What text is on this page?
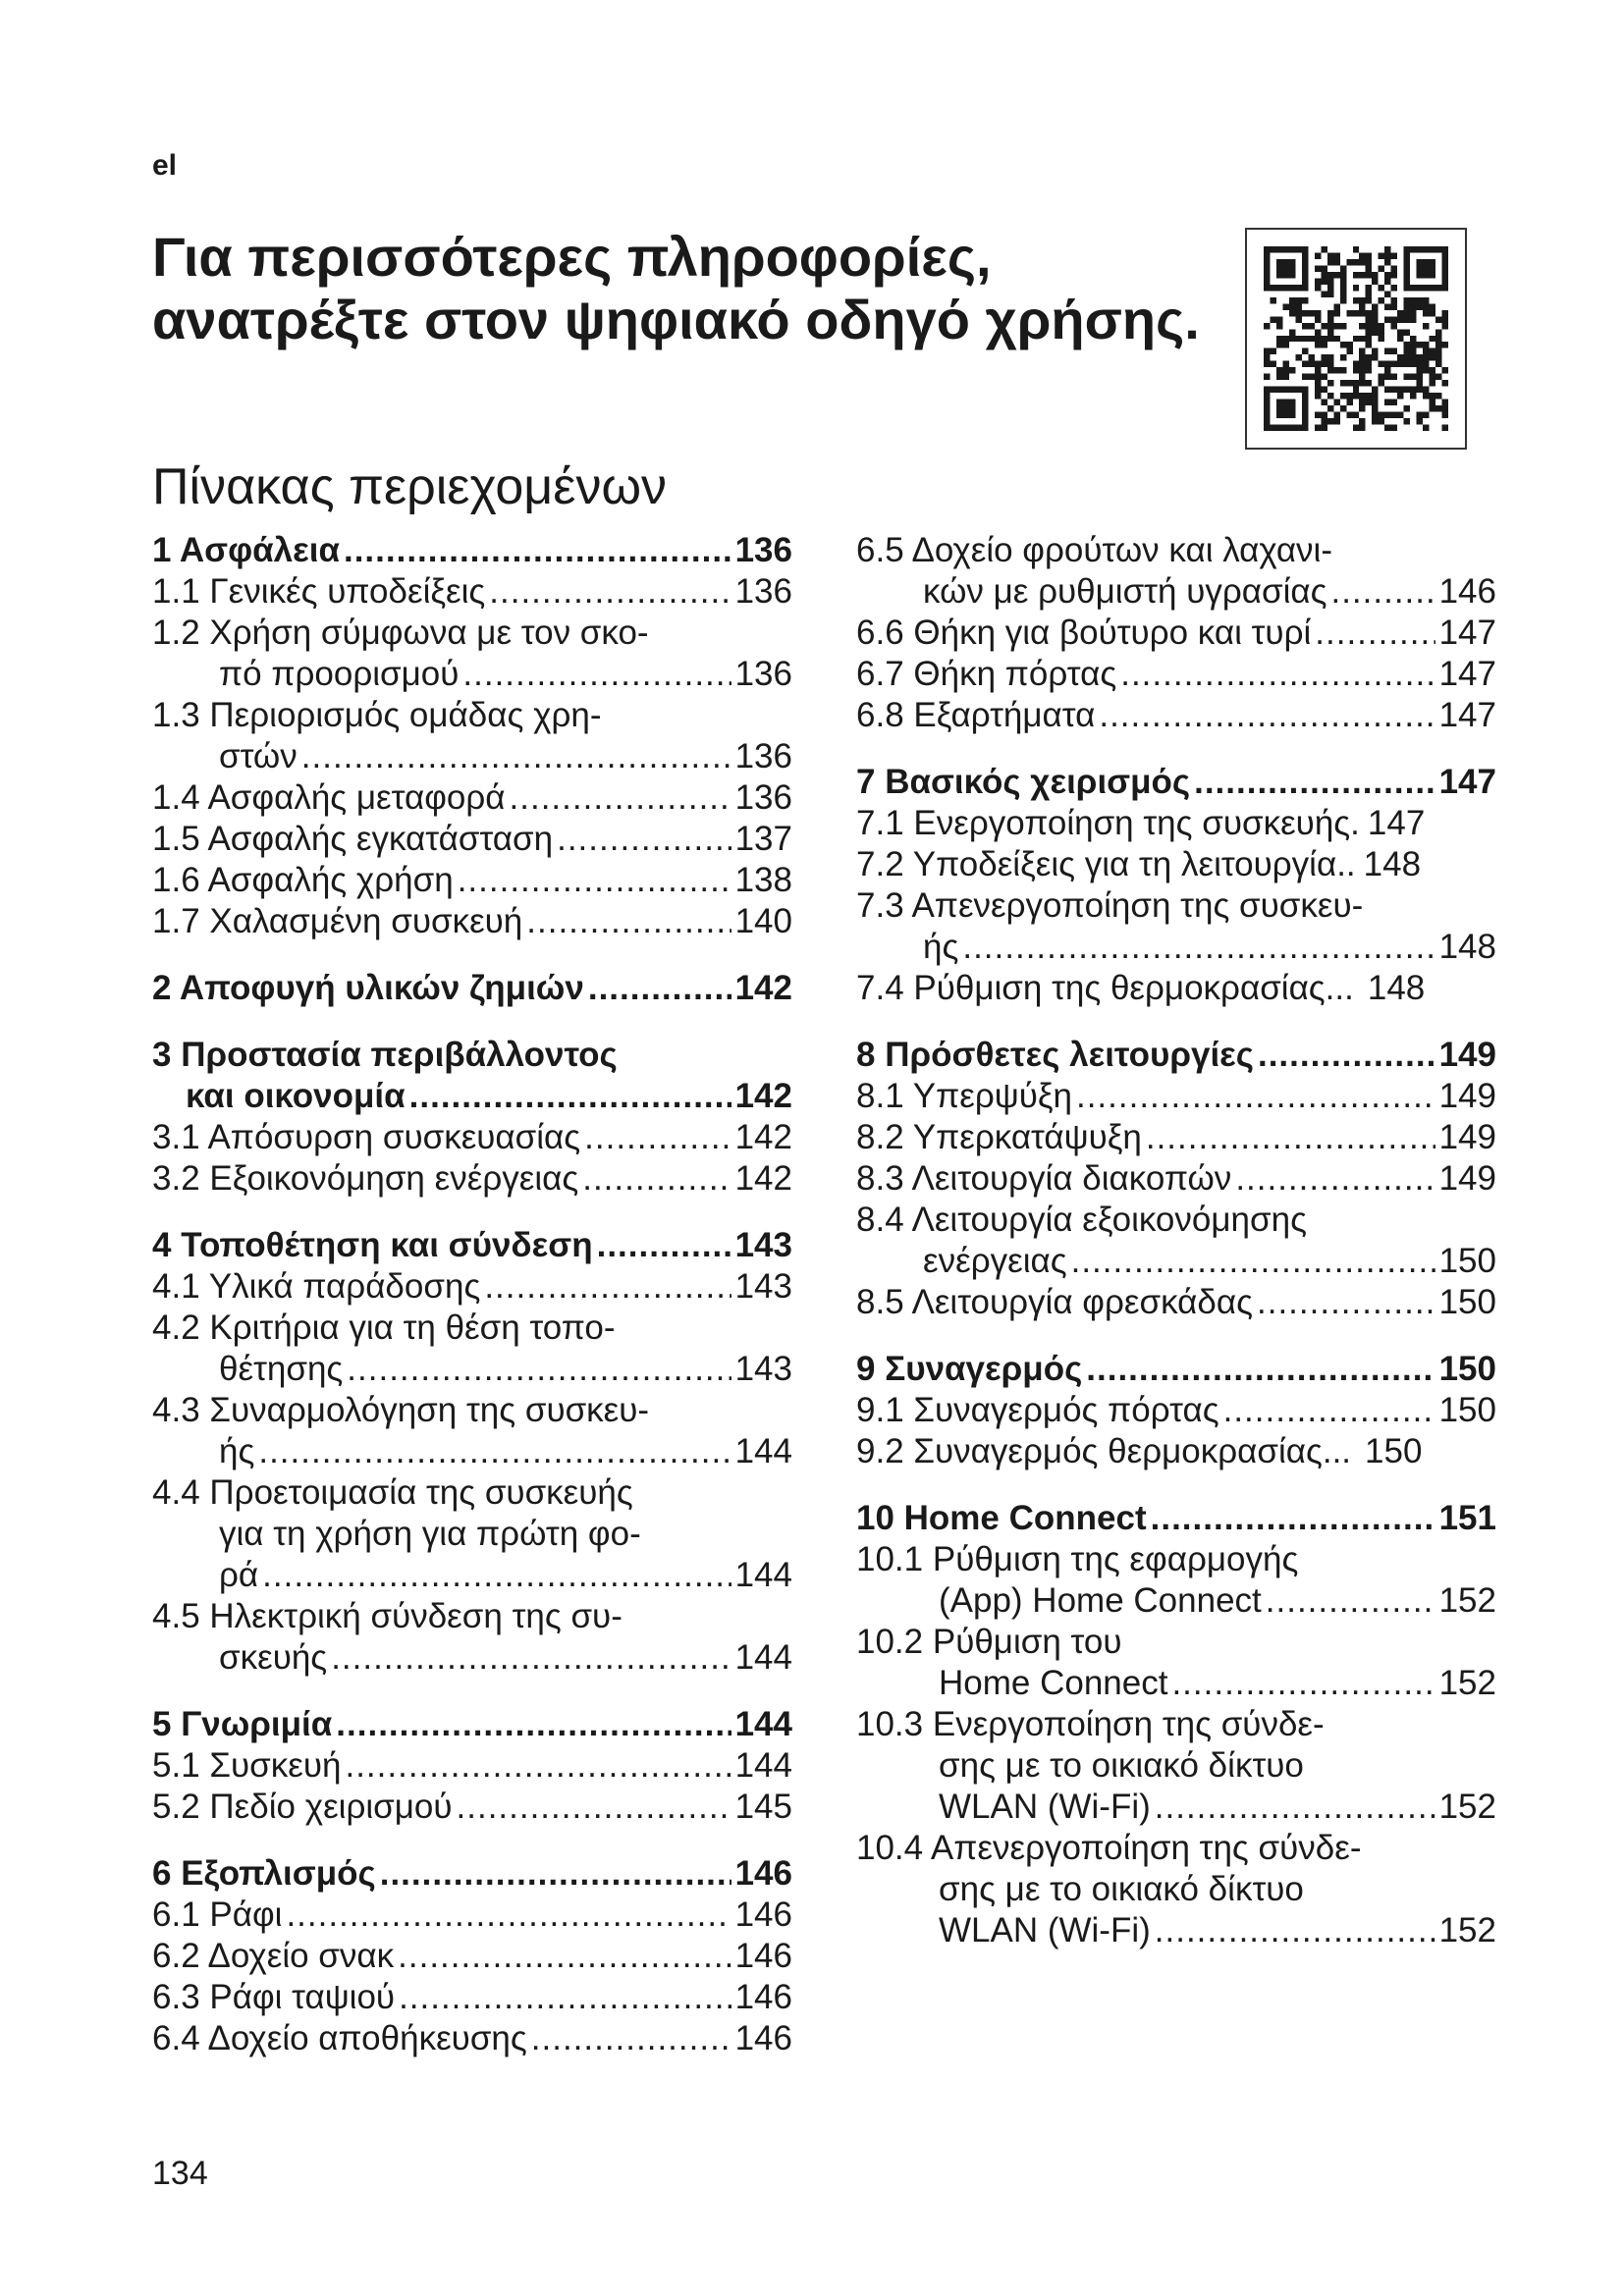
el
Για περισσότερες πληροφορίες, ανατρέξτε στον ψηφιακό οδηγό χρήσης.
Πίνακας περιεχομένων
1 Ασφάλεια .....	136
1.1 Γενικές υποδείξεις .....	136
1.2 Χρήση σύμφωνα με τον σκο-
πό προορισμού .....	136
1.3 Περιορισμός ομάδας χρη-
στών .....	136
1.4 Ασφαλής μεταφορά .....	136
1.5 Ασφαλής εγκατάσταση .....	137
1.6 Ασφαλής χρήση .....	138
1.7 Χαλασμένη συσκευή .....	140
2 Αποφυγή υλικών ζημιών .....	142
3 Προστασία περιβάλλοντος
και οικονομία .....	142
3.1 Απόσυρση συσκευασίας .....	142
3.2 Εξοικονόμηση ενέργειας .....	142
4 Τοποθέτηση και σύνδεση .....	143
4.1 Υλικά παράδοσης .....	143
4.2 Κριτήρια για τη θέση τοπο-
θέτησης .....	143
4.3 Συναρμολόγηση της συσκευ-
ής .....	144
4.4 Προετοιμασία της συσκευής
για τη χρήση για πρώτη φο-
ρά .....	144
4.5 Ηλεκτρική σύνδεση της συ-
σκευής .....	144
5 Γνωριμία .....	144
5.1 Συσκευή .....	144
5.2 Πεδίο χειρισμού .....	145
6 Εξοπλισμός .....	146
6.1 Ράφι .....	146
6.2 Δοχείο σνακ .....	146
6.3 Ράφι ταψιού .....	146
6.4 Δοχείο αποθήκευσης .....	146
6.5 Δοχείο φρούτων και λαχανι-
κών με ρυθμιστή υγρασίας .....	146
6.6 Θήκη για βούτυρο και τυρί .....	147
6.7 Θήκη πόρτας .....	147
6.8 Εξαρτήματα .....	147
7 Βασικός χειρισμός .....	147
7.1 Ενεργοποίηση της συσκευής. 147
7.2 Υποδείξεις για τη λειτουργία.. 148
7.3 Απενεργοποίηση της συσκευ-
ής .....	148
7.4 Ρύθμιση της θερμοκρασίας... 148
8 Πρόσθετες λειτουργίες .....	149
8.1 Υπερψύξη .....	149
8.2 Υπερκατάψυξη .....	149
8.3 Λειτουργία διακοπών .....	149
8.4 Λειτουργία εξοικονόμησης
ενέργειας .....	150
8.5 Λειτουργία φρεσκάδας .....	150
9 Συναγερμός .....	150
9.1 Συναγερμός πόρτας .....	150
9.2 Συναγερμός θερμοκρασίας... 150
10 Home Connect .....	151
10.1 Ρύθμιση της εφαρμογής
(App) Home Connect .....	152
10.2 Ρύθμιση του
Home Connect .....	152
10.3 Ενεργοποίηση της σύνδε-
σης με το οικιακό δίκτυο
WLAN (Wi-Fi) .....	152
10.4 Απενεργοποίηση της σύνδε-
σης με το οικιακό δίκτυο
WLAN (Wi-Fi) .....	152
134
